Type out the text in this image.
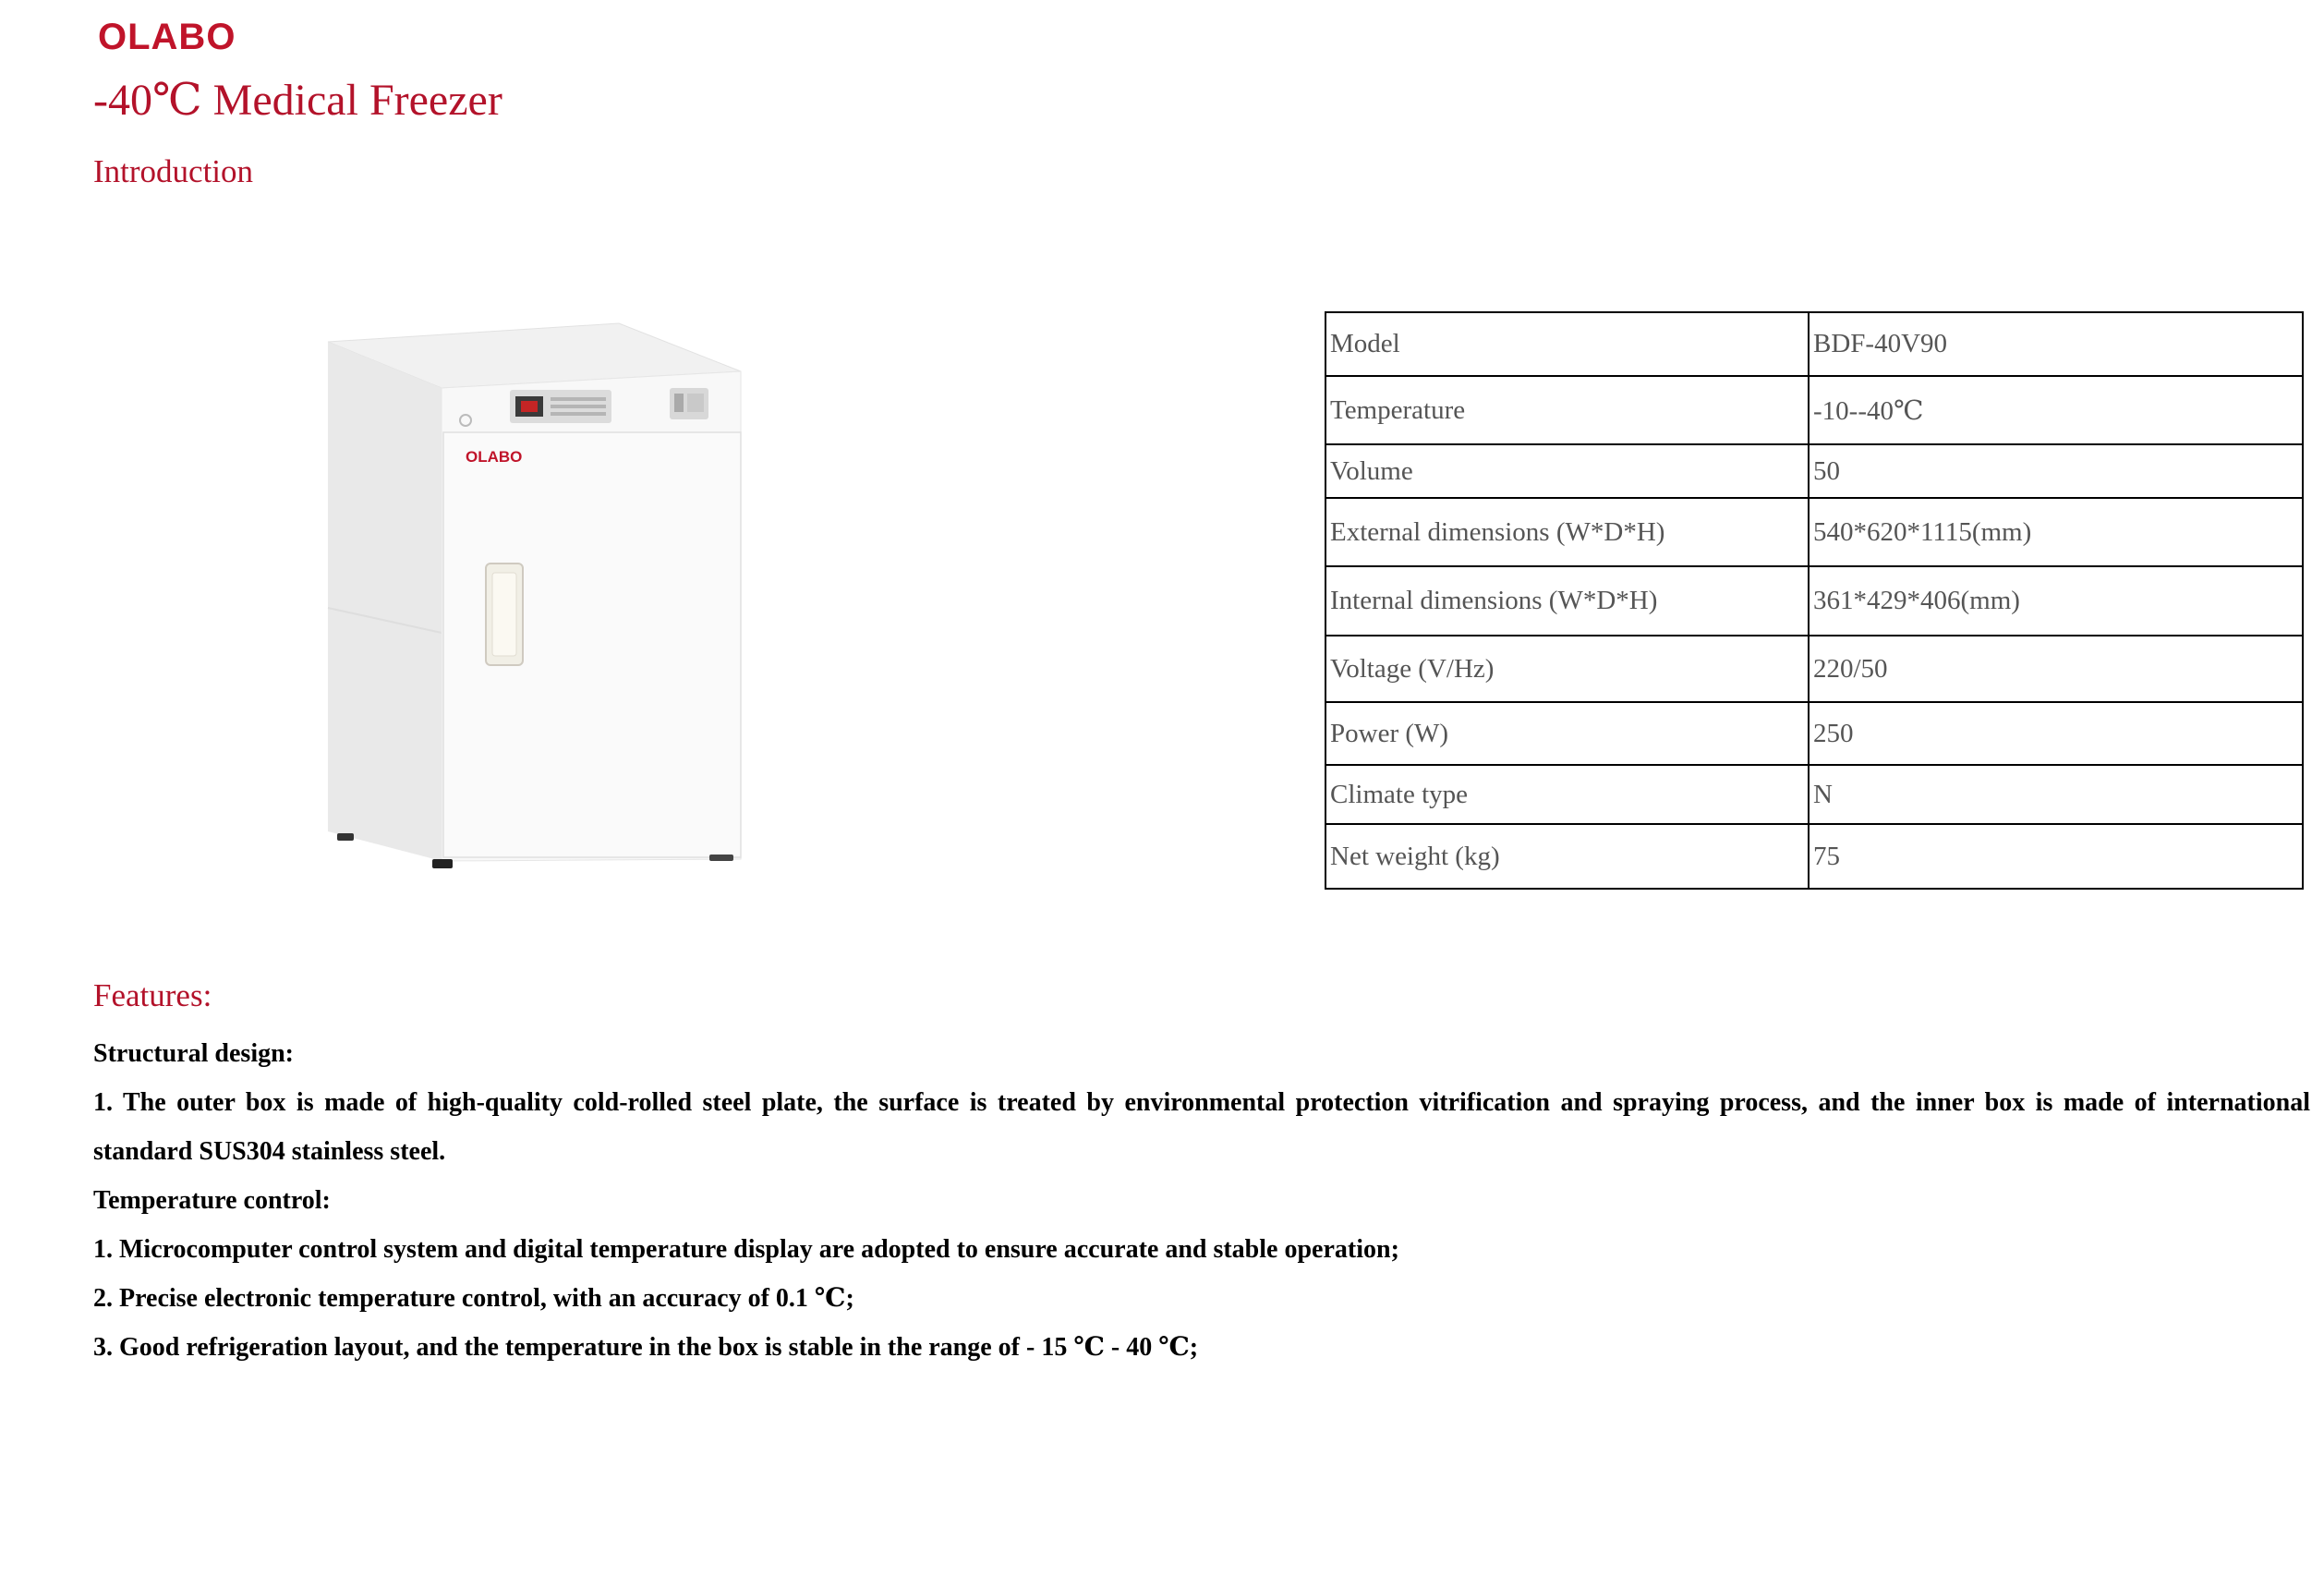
OLABO
-40℃ Medical Freezer
Introduction
OLABO
Model	BDF-40V90
Temperature	-10--40℃
Volume	50
External dimensions (W*D*H)	540*620*1115(mm)
Internal dimensions (W*D*H)	361*429*406(mm)
Voltage (V/Hz)	220/50
Power (W)	250
Climate type	N
Net weight (kg)	75
Features:

Structural design:

1. The outer box is made of high-quality cold-rolled steel plate, the surface is treated by environmental protection vitrification and spraying process, and the inner box is made of international

standard SUS304 stainless steel.

Temperature control:

1. Microcomputer control system and digital temperature display are adopted to ensure accurate and stable operation;

2. Precise electronic temperature control, with an accuracy of 0.1 ℃;

3. Good refrigeration layout, and the temperature in the box is stable in the range of - 15 ℃ - 40 ℃;
